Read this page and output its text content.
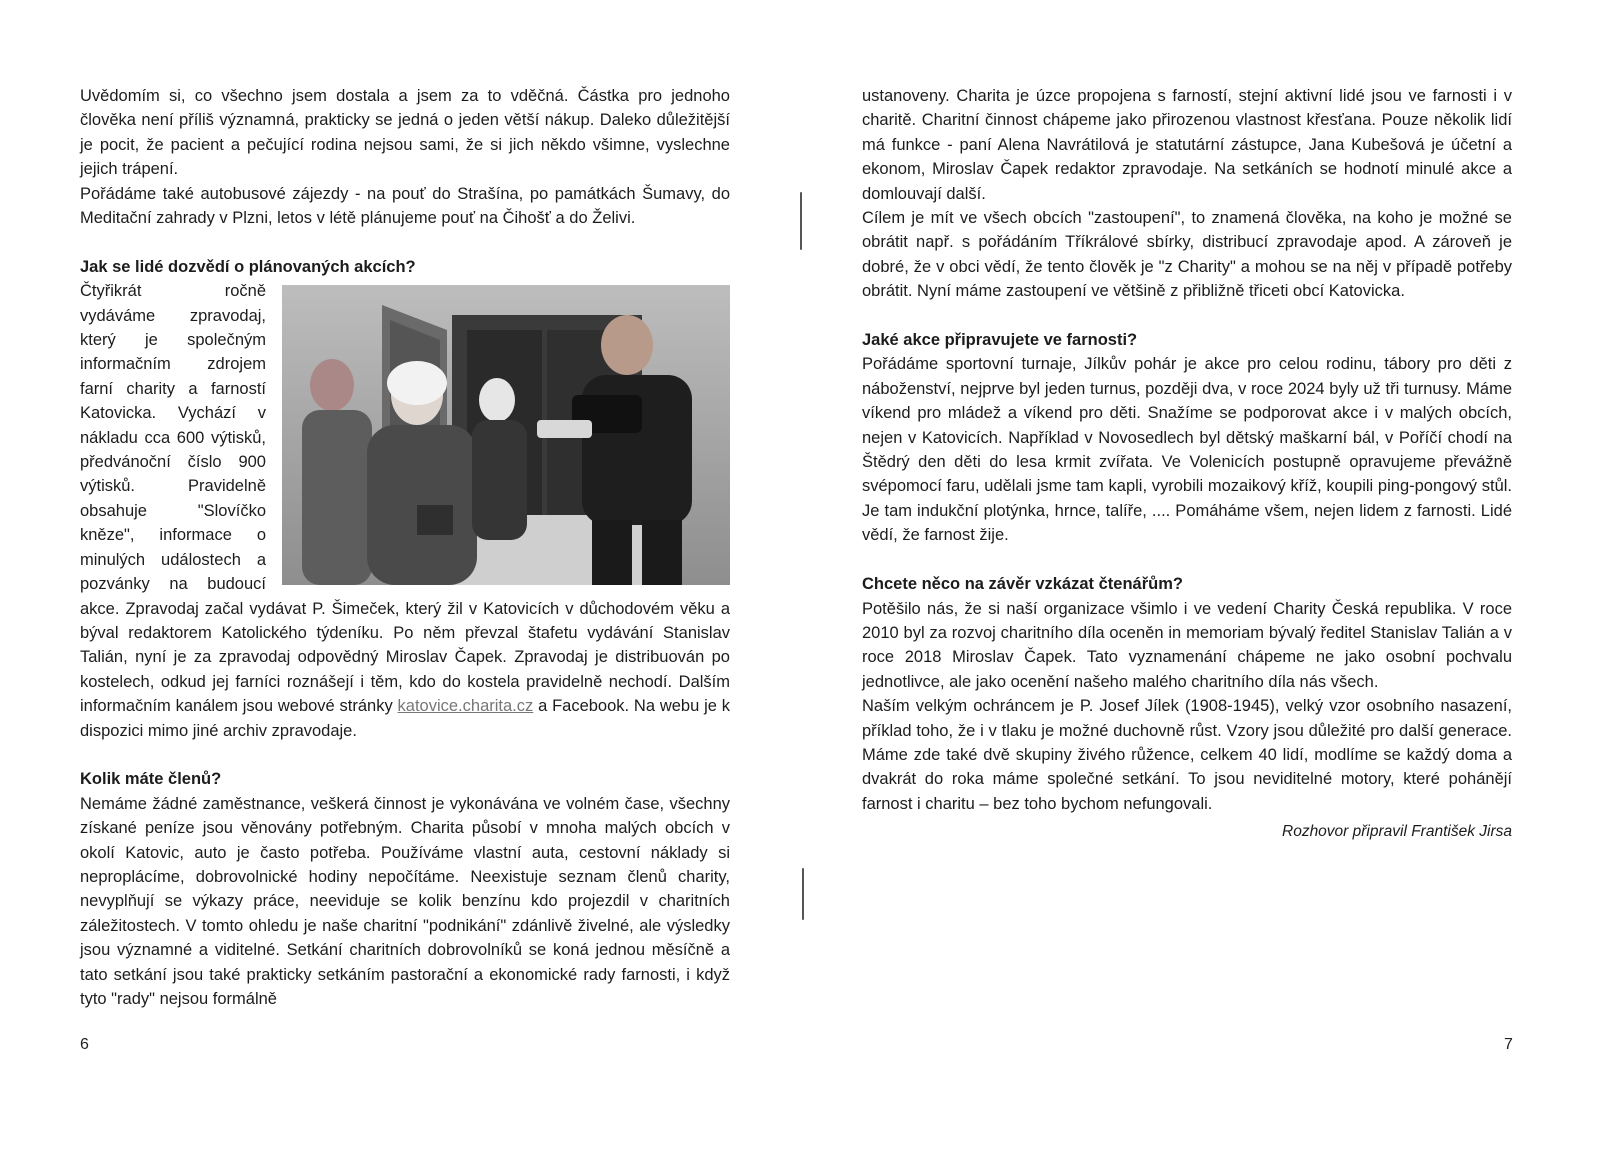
Uvědomím si, co všechno jsem dostala a jsem za to vděčná. Částka pro jednoho člověka není příliš významná, prakticky se jedná o jeden větší nákup. Daleko důležitější je pocit, že pacient a pečující rodina nejsou sami, že si jich někdo všimne, vyslechne jejich trápení.

Pořádáme také autobusové zájezdy - na pouť do Strašína, po památkách Šumavy, do Meditační zahrady v Plzni, letos v létě plánujeme pouť na Čihošť a do Želivi.

Jak se lidé dozvědí o plánovaných akcích?

Čtyřikrát ročně vydáváme zpravodaj, který je společným informačním zdrojem farní charity a farností Katovicka. Vychází v nákladu cca 600 výtisků, předvánoční číslo 900 výtisků. Pravidelně obsahuje "Slovíčko kněze", informace o minulých událostech a pozvánky na budoucí akce. Zpravodaj začal vydávat P. Šimeček, který žil v Katovicích v důchodovém věku a býval redaktorem Katolického týdeníku. Po něm převzal štafetu vydávání Stanislav Talián, nyní je za zpravodaj odpovědný Miroslav Čapek. Zpravodaj je distribuován po kostelech, odkud jej farníci roznášejí i těm, kdo do kostela pravidelně nechodí. Dalším informačním kanálem jsou webové stránky katovice.charita.cz a Facebook. Na webu je k dispozici mimo jiné archiv zpravodaje.

Kolik máte členů?

Nemáme žádné zaměstnance, veškerá činnost je vykonávána ve volném čase, všechny získané peníze jsou věnovány potřebným. Charita působí v mnoha malých obcích v okolí Katovic, auto je často potřeba. Používáme vlastní auta, cestovní náklady si neproplácíme, dobrovolnické hodiny nepočítáme. Neexistuje seznam členů charity, nevyplňují se výkazy práce, neeviduje se kolik benzínu kdo projezdil v charitních záležitostech. V tomto ohledu je naše charitní "podnikání" zdánlivě živelné, ale výsledky jsou významné a viditelné. Setkání charitních dobrovolníků se koná jednou měsíčně a tato setkání jsou také prakticky setkáním pastorační a ekonomické rady farnosti, i když tyto "rady" nejsou formálně

6

ustanoveny. Charita je úzce propojena s farností, stejní aktivní lidé jsou ve farnosti i v charitě. Charitní činnost chápeme jako přirozenou vlastnost křesťana. Pouze několik lidí má funkce - paní Alena Navrátilová je statutární zástupce, Jana Kubešová je účetní a ekonom, Miroslav Čapek redaktor zpravodaje. Na setkáních se hodnotí minulé akce a domlouvají další.

Cílem je mít ve všech obcích "zastoupení", to znamená člověka, na koho je možné se obrátit např. s pořádáním Tříkrálové sbírky, distribucí zpravodaje apod. A zároveň je dobré, že v obci vědí, že tento člověk je "z Charity" a mohou se na něj v případě potřeby obrátit. Nyní máme zastoupení ve většině z přibližně třiceti obcí Katovicka.

Jaké akce připravujete ve farnosti?

Pořádáme sportovní turnaje, Jílkův pohár je akce pro celou rodinu, tábory pro děti z náboženství, nejprve byl jeden turnus, později dva, v roce 2024 byly už tři turnusy. Máme víkend pro mládež a víkend pro děti. Snažíme se podporovat akce i v malých obcích, nejen v Katovicích. Například v Novosedlech byl dětský maškarní bál, v Poříčí chodí na Štědrý den děti do lesa krmit zvířata. Ve Volenicích postupně opravujeme převážně svépomocí faru, udělali jsme tam kapli, vyrobili mozaikový kříž, koupili ping-pongový stůl. Je tam indukční plotýnka, hrnce, talíře, .... Pomáháme všem, nejen lidem z farnosti. Lidé vědí, že farnost žije.

Chcete něco na závěr vzkázat čtenářům?

Potěšilo nás, že si naší organizace všimlo i ve vedení Charity Česká republika. V roce 2010 byl za rozvoj charitního díla oceněn in memoriam bývalý ředitel Stanislav Talián a v roce 2018 Miroslav Čapek. Tato vyznamenání chápeme ne jako osobní pochvalu jednotlivce, ale jako ocenění našeho malého charitního díla nás všech.

Naším velkým ochráncem je P. Josef Jílek (1908-1945), velký vzor osobního nasazení, příklad toho, že i v tlaku je možné duchovně růst. Vzory jsou důležité pro další generace. Máme zde také dvě skupiny živého růžence, celkem 40 lidí, modlíme se každý doma a dvakrát do roka máme společné setkání. To jsou neviditelné motory, které pohánějí farnost i charitu – bez toho bychom nefungovali.

Rozhovor připravil František Jirsa
7
